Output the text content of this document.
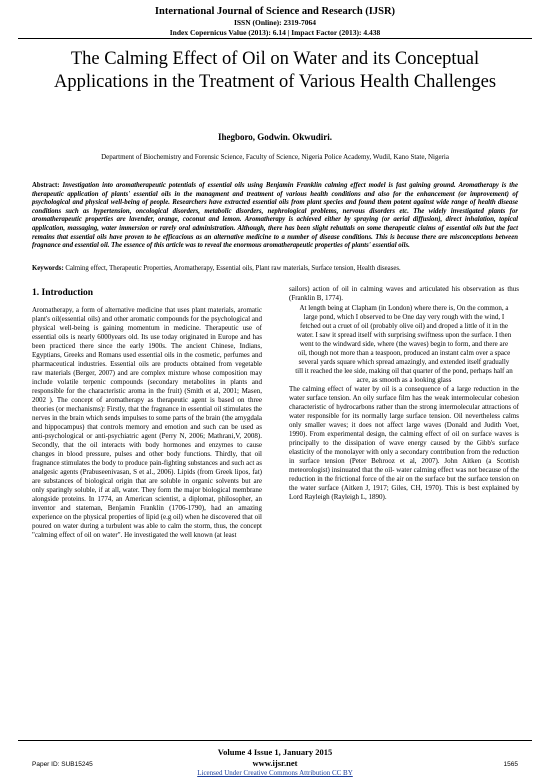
International Journal of Science and Research (IJSR)
ISSN (Online): 2319-7064
Index Copernicus Value (2013): 6.14 | Impact Factor (2013): 4.438
The Calming Effect of Oil on Water and its Conceptual Applications in the Treatment of Various Health Challenges
Ihegboro, Godwin. Okwudiri.
Department of Biochemistry and Forensic Science, Faculty of Science, Nigeria Police Academy, Wudil, Kano State, Nigeria
Abstract: Investigation into aromatherapeutic potentials of essential oils using Benjamin Franklin calming effect model is fast gaining ground. Aromatherapy is the therapeutic application of plants' essential oils in the managment and treatment of various health conditions and also for the enhancement (or improvement) of psychological and physical well-being of people. Researchers have extracted essential oils from plant species and found them potent against wide range of health disease conditions such as hypertension, oncological disorders, metabolic disorders, nephrological problems, nervous disorders etc. The widely investigated plants for aromatherapeutic properties are lavender, orange, coconut and lemon. Aromatherapy is achieved either by spraying (or aerial diffusion), direct inhalation, topical application, massaging, water immersion or rarely oral administration. Although, there has been slight rebuttals on some therapeutic claims of essential oils but the fact remains that essential oils have proven to be efficacious as an alternative medicine to a number of disease conditions. This is because there are misconceptions between fragnance and essential oil. The essence of this article was to reveal the enormous aromatherapeutic properties of plants' essential oils.
Keywords: Calming effect, Therapeutic Properties, Aromatherapy, Essential oils, Plant raw materials, Surface tension, Health diseases.
1. Introduction

Aromatherapy, a form of alternative medicine that uses plant materials, aromatic plant's oil(essential oils) and other aromatic compounds for the psychological and physical well-being is gaining momentum in medicine. Therapeutic use of essential oils is nearly 6000years old. Its use today originated in Europe and has been practiced there since the early 1900s. The ancient Chinese, Indians, Egyptians, Greeks and Romans used essential oils in the cosmetic, perfumes and pharmaceutical industries. Essential oils are products obtained from vegetable raw materials (Berger, 2007) and are complex mixture whose composition may include volatile terpenic compounds (secondary metabolites in plants and responsible for the characteristic aroma in the fruit) (Smith et al, 2001; Masen, 2002 ). The concept of aromatherapy as therapeutic agent is based on three theories (or mechanisms): Firstly, that the fragnance in essential oil stimulates the nerves in the brain which sends impulses to some parts of the brain (the amygdala and hippocampus) that controls memory and emotion and such can be used as anti-psychological or anti-psychiatric agent (Perry N, 2006; Mathrani,V, 2008). Secondly, that the oil interacts with body hormones and enzymes to cause changes in blood pressure, pulses and other body functions. Thirdly, that oil fragnance stimulates the body to produce pain-fighting substances and such act as analgesic agents (Prabuseenivasan, S et al., 2006). Lipids (from Greek lipos, fat) are substances of biological origin that are soluble in organic solvents but are only sparingly soluble, if at all, water. They form the major biological membrane alongside proteins. In 1774, an American scientist, a diplomat, philosopher, an inventor and stateman, Benjamin Franklin (1706-1790), had an amazing experience on the physical properties of lipid (e.g oil) when he discovered that oil poured on water during a turbulent was able to calm the storm, thus, the concept "calming effect of oil on water". He investigated the well known (at least

sailors) action of oil in calming waves and articulated his observation as thus (Franklin B, 1774).

At length being at Clapham (in London) where there is, On the common, a large pond, which I observed to be One day very rough with the wind, I fetched out a cruet of oil (probably olive oil) and droped a little of it in the water. I saw it spread itself with surprising swiftness upon the surface. I then went to the windward side, where (the waves) begin to form, and there are oil, though not more than a teaspoon, produced an instant calm over a space several yards square which spread amazingly, and extended itself gradually till it reached the lee side, making oil that quarter of the pond, perhaps half an acre, as smooth as a looking glass

The calming effect of water by oil is a consequence of a large reduction in the water surface tension. An oily surface film has the weak intermolecular cohesion characteristic of hydrocarbons rather than the strong intermolecular attractions of water responsible for its normally large surface tension. Oil nevertheless calms only smaller waves; it does not affect large waves (Donald and Judith Voet, 1990). From experimental design, the calming effect of oil on surface waves is principally to the dissipation of wave energy caused by the Gibb's surface elasticity of the monolayer with only a secondary contribution from the reduction in surface tension (Peter Behrooz et al, 2007). John Aitken (a Scottish meteorologist) insinuated that the oil- water calming effect was not because of the reduction in the frictional force of the air on the surface but the surface tension on the water surface (Aitken J, 1917; Giles, CH, 1970). This is best explained by Lord Rayleigh (Rayleigh L, 1890).

Volume 4 Issue 1, January 2015
www.ijsr.net
Licensed Under Creative Commons Attribution CC BY
Paper ID: SUB15245	1565
